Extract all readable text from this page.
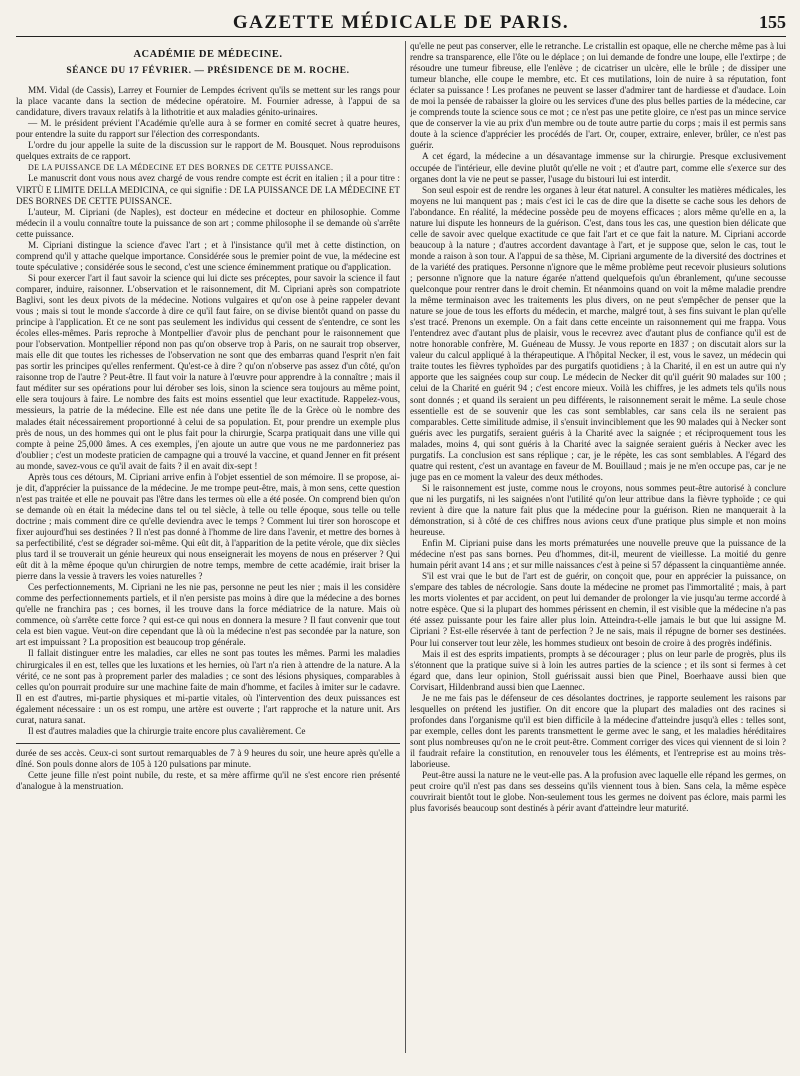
GAZETTE MÉDICALE DE PARIS.	155
ACADÉMIE DE MÉDECINE.
SÉANCE DU 17 FÉVRIER. — PRÉSIDENCE DE M. ROCHE.

MM. Vidal (de Cassis), Larrey et Fournier de Lempdes écrivent qu'ils se mettent sur les rangs pour la place vacante dans la section de médecine opératoire. M. Fournier adresse, à l'appui de sa candidature, divers travaux relatifs à la lithotritie et aux maladies génito-urinaires.

— M. le président prévient l'Académie qu'elle aura à se former en comité secret à quatre heures, pour entendre la suite du rapport sur l'élection des correspondants.

L'ordre du jour appelle la suite de la discussion sur le rapport de M. Bousquet. Nous reproduisons quelques extraits de ce rapport.

DE LA PUISSANCE DE LA MÉDECINE ET DES BORNES DE CETTE PUISSANCE.

Le manuscrit dont vous nous avez chargé de vous rendre compte est écrit en italien ; il a pour titre : VIRTÙ E LIMITE DELLA MEDICINA, ce qui signifie : DE LA PUISSANCE DE LA MÉDECINE ET DES BORNES DE CETTE PUISSANCE.

L'auteur, M. Cipriani (de Naples), est docteur en médecine et docteur en philosophie. Comme médecin il a voulu connaître toute la puissance de son art ; comme philosophe il se demande où s'arrête cette puissance.

M. Cipriani distingue la science d'avec l'art ; et à l'insistance qu'il met à cette distinction, on comprend qu'il y attache quelque importance. Considérée sous le premier point de vue, la médecine est toute spéculative ; considérée sous le second, c'est une science éminemment pratique ou d'application.

Si pour exercer l'art il faut savoir la science qui lui dicte ses préceptes, pour savoir la science il faut comparer, induire, raisonner. L'observation et le raisonnement, dit M. Cipriani après son compatriote Baglivi, sont les deux pivots de la médecine. Notions vulgaires et qu'on ose à peine rappeler devant vous ; mais si tout le monde s'accorde à dire ce qu'il faut faire, on se divise bientôt quand on passe du principe à l'application. Et ce ne sont pas seulement les individus qui cessent de s'entendre, ce sont les écoles elles-mêmes. Paris reproche à Montpellier d'avoir plus de penchant pour le raisonnement que pour l'observation. Montpellier répond non pas qu'on observe trop à Paris, on ne saurait trop observer, mais elle dit que toutes les richesses de l'observation ne sont que des embarras quand l'esprit n'en fait pas sortir les principes qu'elles renferment. Qu'est-ce à dire ? qu'on n'observe pas assez d'un côté, qu'on raisonne trop de l'autre ? Peut-être. Il faut voir la nature à l'œuvre pour apprendre à la connaître ; mais il faut méditer sur ses opérations pour lui dérober ses lois, sinon la science sera toujours au même point, elle sera toujours à faire. Le nombre des faits est moins essentiel que leur exactitude. Rappelez-vous, messieurs, la patrie de la médecine. Elle est née dans une petite île de la Grèce où le nombre des malades était nécessairement proportionné à celui de sa population. Et, pour prendre un exemple plus près de nous, un des hommes qui ont le plus fait pour la chirurgie, Scarpa pratiquait dans une ville qui compte à peine 25,000 âmes. A ces exemples, j'en ajoute un autre que vous ne me pardonneriez pas d'oublier ; c'est un modeste praticien de campagne qui a trouvé la vaccine, et quand Jenner en fit présent au monde, savez-vous ce qu'il avait de faits ? il en avait dix-sept !

Après tous ces détours, M. Cipriani arrive enfin à l'objet essentiel de son mémoire. Il se propose, ai-je dit, d'apprécier la puissance de la médecine. Je me trompe peut-être, mais, à mon sens, cette question n'est pas traitée et elle ne pouvait pas l'être dans les termes où elle a été posée. On comprend bien qu'on se demande où en était la médecine dans tel ou tel siècle, à telle ou telle époque, sous telle ou telle doctrine ; mais comment dire ce qu'elle deviendra avec le temps ? Comment lui tirer son horoscope et fixer aujourd'hui ses destinées ? Il n'est pas donné à l'homme de lire dans l'avenir, et mettre des bornes à sa perfectibilité, c'est se dégrader soi-même. Qui eût dit, à l'apparition de la petite vérole, que dix siècles plus tard il se trouverait un génie heureux qui nous enseignerait les moyens de nous en préserver ? Qui eût dit à la même époque qu'un chirurgien de notre temps, membre de cette académie, irait briser la pierre dans la vessie à travers les voies naturelles ?

Ces perfectionnements, M. Cipriani ne les nie pas, personne ne peut les nier ; mais il les considère comme des perfectionnements partiels, et il n'en persiste pas moins à dire que la médecine a des bornes qu'elle ne franchira pas ; ces bornes, il les trouve dans la force médiatrice de la nature. Mais où commence, où s'arrête cette force ? qui est-ce qui nous en donnera la mesure ? Il faut convenir que tout cela est bien vague. Veut-on dire cependant que là où la médecine n'est pas secondée par la nature, son art est impuissant ? La proposition est beaucoup trop générale.

Il fallait distinguer entre les maladies, car elles ne sont pas toutes les mêmes. Parmi les maladies chirurgicales il en est, telles que les luxations et les hernies, où l'art n'a rien à attendre de la nature. A la vérité, ce ne sont pas à proprement parler des maladies ; ce sont des lésions physiques, comparables à celles qu'on pourrait produire sur une machine faite de main d'homme, et faciles à imiter sur le cadavre. Il en est d'autres, mi-partie physiques et mi-partie vitales, où l'intervention des deux puissances est également nécessaire : un os est rompu, une artère est ouverte ; l'art rapproche et la nature unit. Ars curat, natura sanat.

Il est d'autres maladies que la chirurgie traite encore plus cavalièrement. Ce

durée de ses accès. Ceux-ci sont surtout remarquables de 7 à 9 heures du soir, une heure après qu'elle a dîné. Son pouls donne alors de 105 à 120 pulsations par minute.

Cette jeune fille n'est point nubile, du reste, et sa mère affirme qu'il ne s'est encore rien présenté d'analogue à la menstruation.

qu'elle ne peut pas conserver, elle le retranche. Le cristallin est opaque, elle ne cherche même pas à lui rendre sa transparence, elle l'ôte ou le déplace ; on lui demande de fondre une loupe, elle l'extirpe ; de résoudre une tumeur fibreuse, elle l'enlève ; de cicatriser un ulcère, elle le brûle ; de dissiper une tumeur blanche, elle coupe le membre, etc. Et ces mutilations, loin de nuire à sa réputation, font éclater sa puissance ! Les profanes ne peuvent se lasser d'admirer tant de hardiesse et d'audace. Loin de moi la pensée de rabaisser la gloire ou les services d'une des plus belles parties de la médecine, car je comprends toute la science sous ce mot ; ce n'est pas une petite gloire, ce n'est pas un mince service que de conserver la vie au prix d'un membre ou de toute autre partie du corps ; mais il est permis sans doute à la science d'apprécier les procédés de l'art. Or, couper, extraire, enlever, brûler, ce n'est pas guérir.

A cet égard, la médecine a un désavantage immense sur la chirurgie. Presque exclusivement occupée de l'intérieur, elle devine plutôt qu'elle ne voit ; et d'autre part, comme elle s'exerce sur des organes dont la vie ne peut se passer, l'usage du bistouri lui est interdit.

Son seul espoir est de rendre les organes à leur état naturel. A consulter les matières médicales, les moyens ne lui manquent pas ; mais c'est ici le cas de dire que la disette se cache sous les dehors de l'abondance. En réalité, la médecine possède peu de moyens efficaces ; alors même qu'elle en a, la nature lui dispute les honneurs de la guérison. C'est, dans tous les cas, une question bien délicate que celle de savoir avec quelque exactitude ce que fait l'art et ce que fait la nature. M. Cipriani accorde beaucoup à la nature ; d'autres accordent davantage à l'art, et je suppose que, selon le cas, tout le monde a raison à son tour. A l'appui de sa thèse, M. Cipriani argumente de la diversité des doctrines et de la variété des pratiques. Personne n'ignore que le même problème peut recevoir plusieurs solutions ; personne n'ignore que la nature égarée n'attend quelquefois qu'un ébranlement, qu'une secousse quelconque pour rentrer dans le droit chemin. Et néanmoins quand on voit la même maladie prendre la même terminaison avec les traitements les plus divers, on ne peut s'empêcher de penser que la nature se joue de tous les efforts du médecin, et marche, malgré tout, à ses fins suivant le plan qu'elle s'est tracé. Prenons un exemple. On a fait dans cette enceinte un raisonnement qui me frappa. Vous l'entendrez avec d'autant plus de plaisir, vous le recevrez avec d'autant plus de confiance qu'il est de notre honorable confrère, M. Guéneau de Mussy. Je vous reporte en 1837 ; on discutait alors sur la valeur du calcul appliqué à la thérapeutique. A l'hôpital Necker, il est, vous le savez, un médecin qui traite toutes les fièvres typhoïdes par des purgatifs quotidiens ; à la Charité, il en est un autre qui n'y apporte que les saignées coup sur coup. Le médecin de Necker dit qu'il guérit 90 malades sur 100 ; celui de la Charité en guérit 94 ; c'est encore mieux. Voilà les chiffres, je les admets tels qu'ils nous sont donnés ; et quand ils seraient un peu différents, le raisonnement serait le même. La seule chose essentielle est de se souvenir que les cas sont semblables, car sans cela ils ne seraient pas comparables. Cette similitude admise, il s'ensuit invinciblement que les 90 malades qui à Necker sont guéris avec les purgatifs, seraient guéris à la Charité avec la saignée ; et réciproquement tous les malades, moins 4, qui sont guéris à la Charité avec la saignée seraient guéris à Necker avec les purgatifs. La conclusion est sans réplique ; car, je le répète, les cas sont semblables. A l'égard des quatre qui restent, c'est un avantage en faveur de M. Bouillaud ; mais je ne m'en occupe pas, car je ne juge pas en ce moment la valeur des deux méthodes.

Si le raisonnement est juste, comme nous le croyons, nous sommes peut-être autorisé à conclure que ni les purgatifs, ni les saignées n'ont l'utilité qu'on leur attribue dans la fièvre typhoïde ; ce qui revient à dire que la nature fait plus que la médecine pour la guérison. Rien ne manquerait à la démonstration, si à côté de ces chiffres nous avions ceux d'une pratique plus simple et non moins heureuse.

Enfin M. Cipriani puise dans les morts prématurées une nouvelle preuve que la puissance de la médecine n'est pas sans bornes. Peu d'hommes, dit-il, meurent de vieillesse. La moitié du genre humain périt avant 14 ans ; et sur mille naissances c'est à peine si 57 dépassent la cinquantième année.

S'il est vrai que le but de l'art est de guérir, on conçoit que, pour en apprécier la puissance, on s'empare des tables de nécrologie. Sans doute la médecine ne promet pas l'immortalité ; mais, à part les morts violentes et par accident, on peut lui demander de prolonger la vie jusqu'au terme accordé à notre espèce. Que si la plupart des hommes périssent en chemin, il est visible que la médecine n'a pas été assez puissante pour les faire aller plus loin. Atteindra-t-elle jamais le but que lui assigne M. Cipriani ? Est-elle réservée à tant de perfection ? Je ne sais, mais il répugne de borner ses destinées. Pour lui conserver tout leur zèle, les hommes studieux ont besoin de croire à des progrès indéfinis.

Mais il est des esprits impatients, prompts à se décourager ; plus on leur parle de progrès, plus ils s'étonnent que la pratique suive si à loin les autres parties de la science ; et ils sont si fermes à cet égard que, dans leur opinion, Stoll guérissait aussi bien que Pinel, Boerhaave aussi bien que Corvisart, Hildenbrand aussi bien que Laennec.

Je ne me fais pas le défenseur de ces désolantes doctrines, je rapporte seulement les raisons par lesquelles on prétend les justifier. On dit encore que la plupart des maladies ont des racines si profondes dans l'organisme qu'il est bien difficile à la médecine d'atteindre jusqu'à elles : telles sont, par exemple, celles dont les parents transmettent le germe avec le sang, et les maladies héréditaires sont plus nombreuses qu'on ne le croit peut-être. Comment corriger des vices qui viennent de si loin ? il faudrait refaire la constitution, en renouveler tous les éléments, et l'entreprise est au moins très-laborieuse.

Peut-être aussi la nature ne le veut-elle pas. A la profusion avec laquelle elle répand les germes, on peut croire qu'il n'est pas dans ses desseins qu'ils viennent tous à bien. Sans cela, la même espèce couvrirait bientôt tout le globe. Non-seulement tous les germes ne doivent pas éclore, mais parmi les plus favorisés beaucoup sont destinés à périr avant d'atteindre leur maturité.
